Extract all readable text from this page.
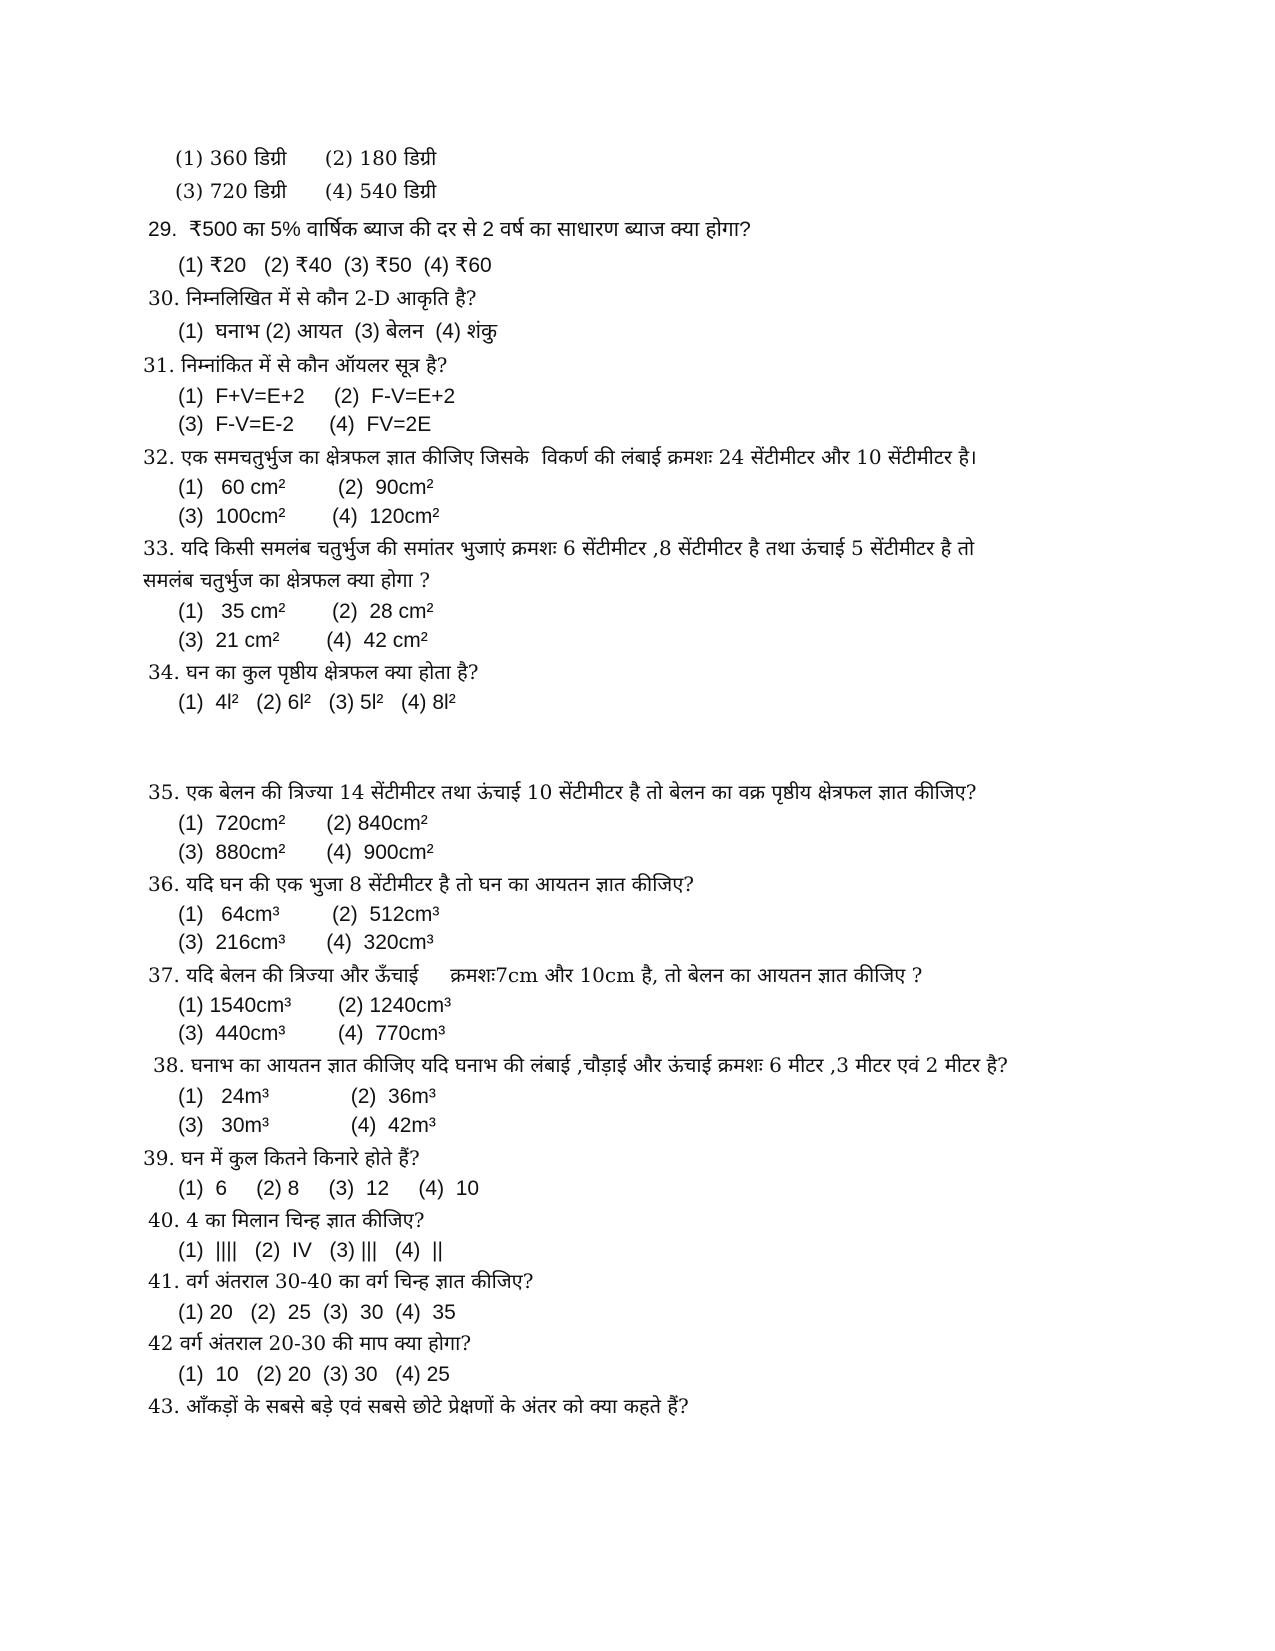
(1) 360 डिग्री      (2) 180 डिग्री
(3) 720 डिग्री      (4) 540 डिग्री
29.  ₹500 का 5% वार्षिक ब्याज की दर से 2 वर्ष का साधारण ब्याज क्या होगा?
(1) ₹20   (2) ₹40  (3) ₹50  (4) ₹60
30. निम्नलिखित में से कौन 2-D आकृति है?
(1)  घनाभ (2) आयत  (3) बेलन  (4) शंकु
31. निम्नांकित में से कौन ऑयलर सूत्र है?
(1)  F+V=E+2     (2)  F-V=E+2
(3)  F-V=E-2      (4)  FV=2E
32. एक समचतुर्भुज का क्षेत्रफल ज्ञात कीजिए जिसके  विकर्ण की लंबाई क्रमशः 24 सेंटीमीटर और 10 सेंटीमीटर है।
(1)   60 cm²         (2)  90cm²
(3)  100cm²        (4)  120cm²
33. यदि किसी समलंब चतुर्भुज की समांतर भुजाएं क्रमशः 6 सेंटीमीटर ,8 सेंटीमीटर है तथा ऊंचाई 5 सेंटीमीटर है तो
समलंब चतुर्भुज का क्षेत्रफल क्या होगा ?
(1)   35 cm²        (2)  28 cm²
(3)  21 cm²        (4)  42 cm²
34. घन का कुल पृष्ठीय क्षेत्रफल क्या होता है?
(1)  4l²   (2) 6l²   (3) 5l²   (4) 8l²
35. एक बेलन की त्रिज्या 14 सेंटीमीटर तथा ऊंचाई 10 सेंटीमीटर है तो बेलन का वक्र पृष्ठीय क्षेत्रफल ज्ञात कीजिए?
(1)  720cm²       (2) 840cm²
(3)  880cm²       (4)  900cm²
36. यदि घन की एक भुजा 8 सेंटीमीटर है तो घन का आयतन ज्ञात कीजिए?
(1)   64cm³         (2)  512cm³
(3)  216cm³       (4)  320cm³
37. यदि बेलन की त्रिज्या और ऊँचाई     क्रमशः7cm और 10cm है, तो बेलन का आयतन ज्ञात कीजिए ?
(1) 1540cm³        (2) 1240cm³
(3)  440cm³         (4)  770cm³
38. घनाभ का आयतन ज्ञात कीजिए यदि घनाभ की लंबाई ,चौड़ाई और ऊंचाई क्रमशः 6 मीटर ,3 मीटर एवं 2 मीटर है?
(1)   24m³              (2)  36m³
(3)   30m³              (4)  42m³
39. घन में कुल कितने किनारे होते हैं?
(1)  6     (2) 8     (3)  12     (4)  10
40. 4 का मिलान चिन्ह ज्ञात कीजिए?
(1)  ||||   (2)  IV   (3) |||   (4)  ||
41. वर्ग अंतराल 30-40 का वर्ग चिन्ह ज्ञात कीजिए?
(1) 20   (2)  25  (3)  30  (4)  35
42 वर्ग अंतराल 20-30 की माप क्या होगा?
(1)  10   (2) 20  (3) 30   (4) 25
43. आँकड़ों के सबसे बड़े एवं सबसे छोटे प्रेक्षणों के अंतर को क्या कहते हैं?
